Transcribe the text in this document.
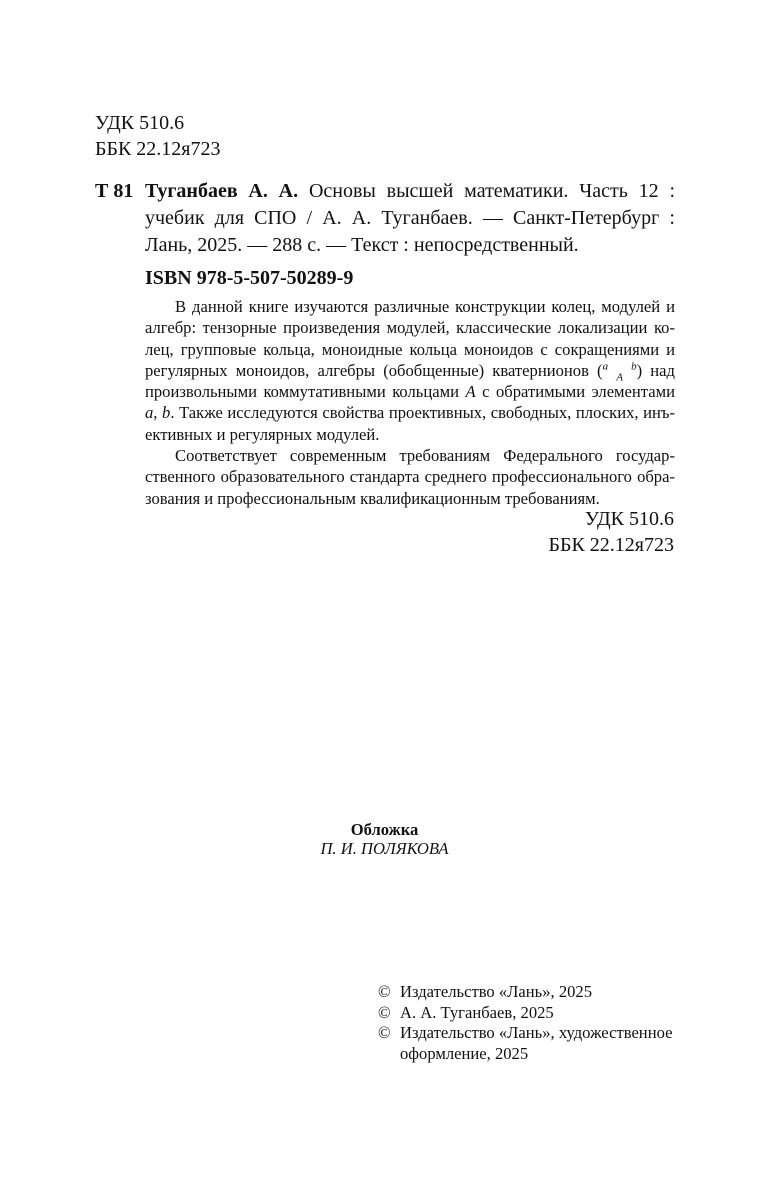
УДК 510.6
ББК 22.12я723
Т 81 Туганбаев А. А. Основы высшей математики. Часть 12 : учебик для СПО / А. А. Туганбаев. — Санкт-Петербург : Лань, 2025. — 288 с. — Текст : непосредственный.
ISBN 978-5-507-50289-9

В данной книге изучаются различные конструкции колец, модулей и алгебр: тензорные произведения модулей, классические локализации ко-лец, групповые кольца, моноидные кольца моноидов с сокращениями и регулярных моноидов, алгебры (обобщенные) кватернионов ($^a$ $_A$ $^b$) над произвольными коммутативными кольцами A с обратимыми элементами a, b. Также исследуются свойства проективных, свободных, плоских, инъ-ективных и регулярных модулей.

Соответствует современным требованиям Федерального государ-ственного образовательного стандарта среднего профессионального обра-зования и профессиональным квалификационным требованиям.

УДК 510.6
ББК 22.12я723
Обложка
П. И. ПОЛЯКОВА
© Издательство «Лань», 2025
© А. А. Туганбаев, 2025
© Издательство «Лань», художественное оформление, 2025
